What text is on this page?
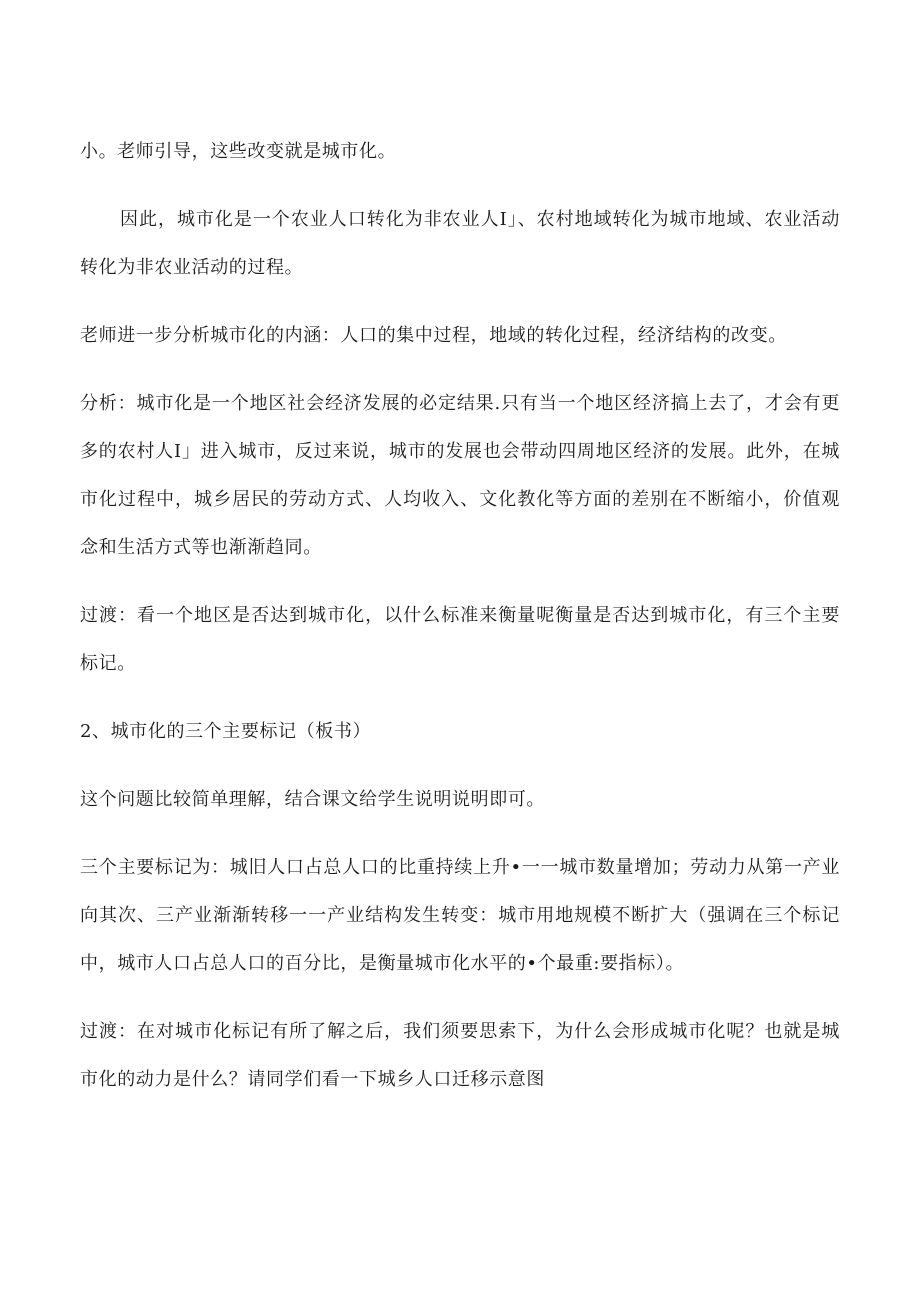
小。老师引导，这些改变就是城市化。

因此，城市化是一个农业人口转化为非农业人I」、农村地域转化为城市地域、农业活动转化为非农业活动的过程。

老师进一步分析城市化的内涵：人口的集中过程，地域的转化过程，经济结构的改变。

分析：城市化是一个地区社会经济发展的必定结果.只有当一个地区经济搞上去了，才会有更多的农村人I」进入城市，反过来说，城市的发展也会带动四周地区经济的发展。此外，在城市化过程中，城乡居民的劳动方式、人均收入、文化教化等方面的差别在不断缩小，价值观念和生活方式等也渐渐趋同。

过渡：看一个地区是否达到城市化，以什么标准来衡量呢衡量是否达到城市化，有三个主要标记。

2、城市化的三个主要标记（板书）

这个问题比较简单理解，结合课文给学生说明说明即可。

三个主要标记为：城旧人口占总人口的比重持续上升•一一城市数量增加；劳动力从第一产业向其次、三产业渐渐转移一一产业结构发生转变：城市用地规模不断扩大（强调在三个标记中，城市人口占总人口的百分比，是衡量城市化水平的•个最重:要指标）。

过渡：在对城市化标记有所了解之后，我们须要思索下，为什么会形成城市化呢？也就是城市化的动力是什么？请同学们看一下城乡人口迁移示意图
